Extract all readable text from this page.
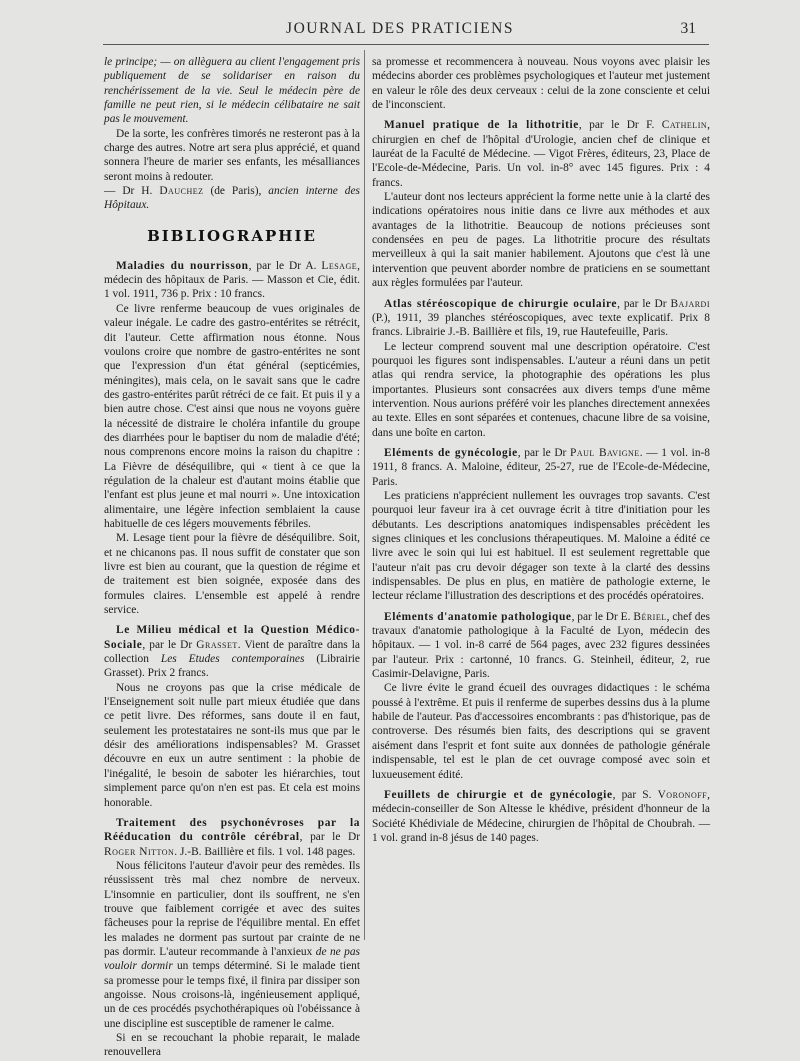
JOURNAL DES PRATICIENS	31

le principe; — on allèguera au client l'engagement pris publiquement de se solidariser en raison du renchérissement de la vie. Seul le médecin père de famille ne peut rien, si le médecin célibataire ne sait pas le mouvement.

De la sorte, les confrères timorés ne resteront pas à la charge des autres. Notre art sera plus apprécié, et quand sonnera l'heure de marier ses enfants, les mésalliances seront moins à redouter.

— Dr H. Dauchez (de Paris), ancien interne des Hôpitaux.

BIBLIOGRAPHIE

Maladies du nourrisson, par le Dr A. Lesage, médecin des hôpitaux de Paris. — Masson et Cie, édit. 1 vol. 1911, 736 p. Prix : 10 francs.

Ce livre renferme beaucoup de vues originales de valeur inégale. Le cadre des gastro-entérites se rétrécit, dit l'auteur. Cette affirmation nous étonne. Nous voulons croire que nombre de gastro-entérites ne sont que l'expression d'un état général (septicémies, méningites), mais cela, on le savait sans que le cadre des gastro-entérites parût rétréci de ce fait. Et puis il y a bien autre chose. C'est ainsi que nous ne voyons guère la nécessité de distraire le choléra infantile du groupe des diarrhées pour le baptiser du nom de maladie d'été; nous comprenons encore moins la raison du chapitre : La Fièvre de déséquilibre, qui « tient à ce que la régulation de la chaleur est d'autant moins établie que l'enfant est plus jeune et mal nourri ». Une intoxication alimentaire, une légère infection semblaient la cause habituelle de ces légers mouvements fébriles.

M. Lesage tient pour la fièvre de déséquilibre. Soit, et ne chicanons pas. Il nous suffit de constater que son livre est bien au courant, que la question de régime et de traitement est bien soignée, exposée dans des formules claires. L'ensemble est appelé à rendre service.

Le Milieu médical et la Question Médico-Sociale, par le Dr Grasset. Vient de paraître dans la collection Les Etudes contemporaines (Librairie Grasset). Prix 2 francs.

Nous ne croyons pas que la crise médicale de l'Enseignement soit nulle part mieux étudiée que dans ce petit livre. Des réformes, sans doute il en faut, seulement les protestataires ne sont-ils mus que par le désir des améliorations indispensables? M. Grasset découvre en eux un autre sentiment : la phobie de l'inégalité, le besoin de saboter les hiérarchies, tout simplement parce qu'on n'en est pas. Et cela est moins honorable.

Traitement des psychonévroses par la Rééducation du contrôle cérébral, par le Dr Roger Nitton. J.-B. Baillière et fils. 1 vol. 148 pages.

Nous félicitons l'auteur d'avoir peur des remèdes. Ils réussissent très mal chez nombre de nerveux. L'insomnie en particulier, dont ils souffrent, ne s'en trouve que faiblement corrigée et avec des suites fâcheuses pour la reprise de l'équilibre mental. En effet les malades ne dorment pas surtout par crainte de ne pas dormir. L'auteur recommande à l'anxieux de ne pas vouloir dormir un temps déterminé. Si le malade tient sa promesse pour le temps fixé, il finira par dissiper son angoisse. Nous croisons-là, ingénieusement appliqué, un de ces procédés psychothérapiques où l'obéissance à une discipline est susceptible de ramener le calme.

Si en se recouchant la phobie reparait, le malade renouvellera

sa promesse et recommencera à nouveau. Nous voyons avec plaisir les médecins aborder ces problèmes psychologiques et l'auteur met justement en valeur le rôle des deux cerveaux : celui de la zone consciente et celui de l'inconscient.

Manuel pratique de la lithotritie, par le Dr F. Cathelin, chirurgien en chef de l'hôpital d'Urologie, ancien chef de clinique et lauréat de la Faculté de Médecine. — Vigot Frères, éditeurs, 23, Place de l'Ecole-de-Médecine, Paris. Un vol. in-8° avec 145 figures. Prix : 4 francs.

L'auteur dont nos lecteurs apprécient la forme nette unie à la clarté des indications opératoires nous initie dans ce livre aux méthodes et aux avantages de la lithotritie. Beaucoup de notions précieuses sont condensées en peu de pages. La lithotritie procure des résultats merveilleux à qui la sait manier habilement. Ajoutons que c'est là une intervention que peuvent aborder nombre de praticiens en se soumettant aux règles formulées par l'auteur.

Atlas stéréoscopique de chirurgie oculaire, par le Dr Bajardi (P.), 1911, 39 planches stéréoscopiques, avec texte explicatif. Prix 8 francs. Librairie J.-B. Baillière et fils, 19, rue Hautefeuille, Paris.

Le lecteur comprend souvent mal une description opératoire. C'est pourquoi les figures sont indispensables. L'auteur a réuni dans un petit atlas qui rendra service, la photographie des opérations les plus importantes. Plusieurs sont consacrées aux divers temps d'une même intervention. Nous aurions préféré voir les planches directement annexées au texte. Elles en sont séparées et contenues, chacune libre de sa voisine, dans une boîte en carton.

Eléments de gynécologie, par le Dr Paul Bavigne. — 1 vol. in-8 1911, 8 francs. A. Maloine, éditeur, 25-27, rue de l'Ecole-de-Médecine, Paris.

Les praticiens n'apprécient nullement les ouvrages trop savants. C'est pourquoi leur faveur ira à cet ouvrage écrit à titre d'initiation pour les débutants. Les descriptions anatomiques indispensables précèdent les signes cliniques et les conclusions thérapeutiques. M. Maloine a édité ce livre avec le soin qui lui est habituel. Il est seulement regrettable que l'auteur n'ait pas cru devoir dégager son texte à la clarté des dessins indispensables. De plus en plus, en matière de pathologie externe, le lecteur réclame l'illustration des descriptions et des procédés opératoires.

Eléments d'anatomie pathologique, par le Dr E. Bériel, chef des travaux d'anatomie pathologique à la Faculté de Lyon, médecin des hôpitaux. — 1 vol. in-8 carré de 564 pages, avec 232 figures dessinées par l'auteur. Prix : cartonné, 10 francs. G. Steinheil, éditeur, 2, rue Casimir-Delavigne, Paris.

Ce livre évite le grand écueil des ouvrages didactiques : le schéma poussé à l'extrême. Et puis il renferme de superbes dessins dus à la plume habile de l'auteur. Pas d'accessoires encombrants : pas d'historique, pas de controverse. Des résumés bien faits, des descriptions qui se gravent aisément dans l'esprit et font suite aux données de pathologie générale indispensable, tel est le plan de cet ouvrage composé avec soin et luxueusement édité.

Feuillets de chirurgie et de gynécologie, par S. Voronoff, médecin-conseiller de Son Altesse le khédive, président d'honneur de la Société Khédiviale de Médecine, chirurgien de l'hôpital de Choubrah. — 1 vol. grand in-8 jésus de 140 pages.
